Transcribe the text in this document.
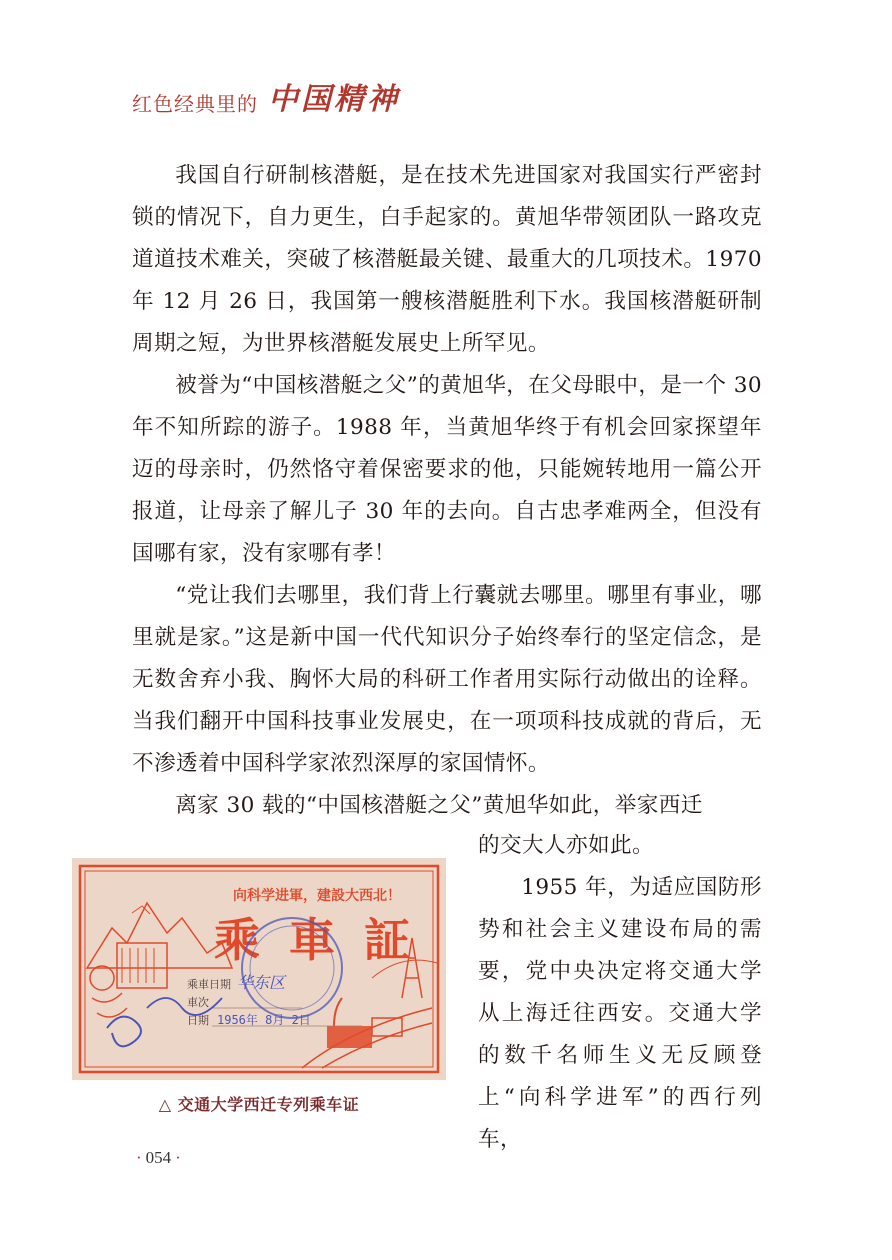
红色经典里的 中国精神

我国自行研制核潜艇，是在技术先进国家对我国实行严密封锁的情况下，自力更生，白手起家的。黄旭华带领团队一路攻克道道技术难关，突破了核潜艇最关键、最重大的几项技术。1970 年 12 月 26 日，我国第一艘核潜艇胜利下水。我国核潜艇研制周期之短，为世界核潜艇发展史上所罕见。

被誉为“中国核潜艇之父”的黄旭华，在父母眼中，是一个 30 年不知所踪的游子。1988 年，当黄旭华终于有机会回家探望年迈的母亲时，仍然恪守着保密要求的他，只能婉转地用一篇公开报道，让母亲了解儿子 30 年的去向。自古忠孝难两全，但没有国哪有家，没有家哪有孝！

“党让我们去哪里，我们背上行囊就去哪里。哪里有事业，哪里就是家。”这是新中国一代代知识分子始终奉行的坚定信念，是无数舍弃小我、胸怀大局的科研工作者用实际行动做出的诠释。当我们翻开中国科技事业发展史，在一项项科技成就的背后，无不渗透着中国科学家浓烈深厚的家国情怀。

离家 30 载的“中国核潜艇之父”黄旭华如此，举家西迁

的交大人亦如此。

1955 年，为适应国防形势和社会主义建设布局的需要，党中央决定将交通大学从上海迁往西安。交通大学的数千名师生义无反顾登上“向科学进军”的西行列车，

向科学进軍，建設大西北！
乘 車 証
乘車日期
車次
日期 1956年 8月 2日
华东区
△ 交通大学西迁专列乘车证
· 054 ·
